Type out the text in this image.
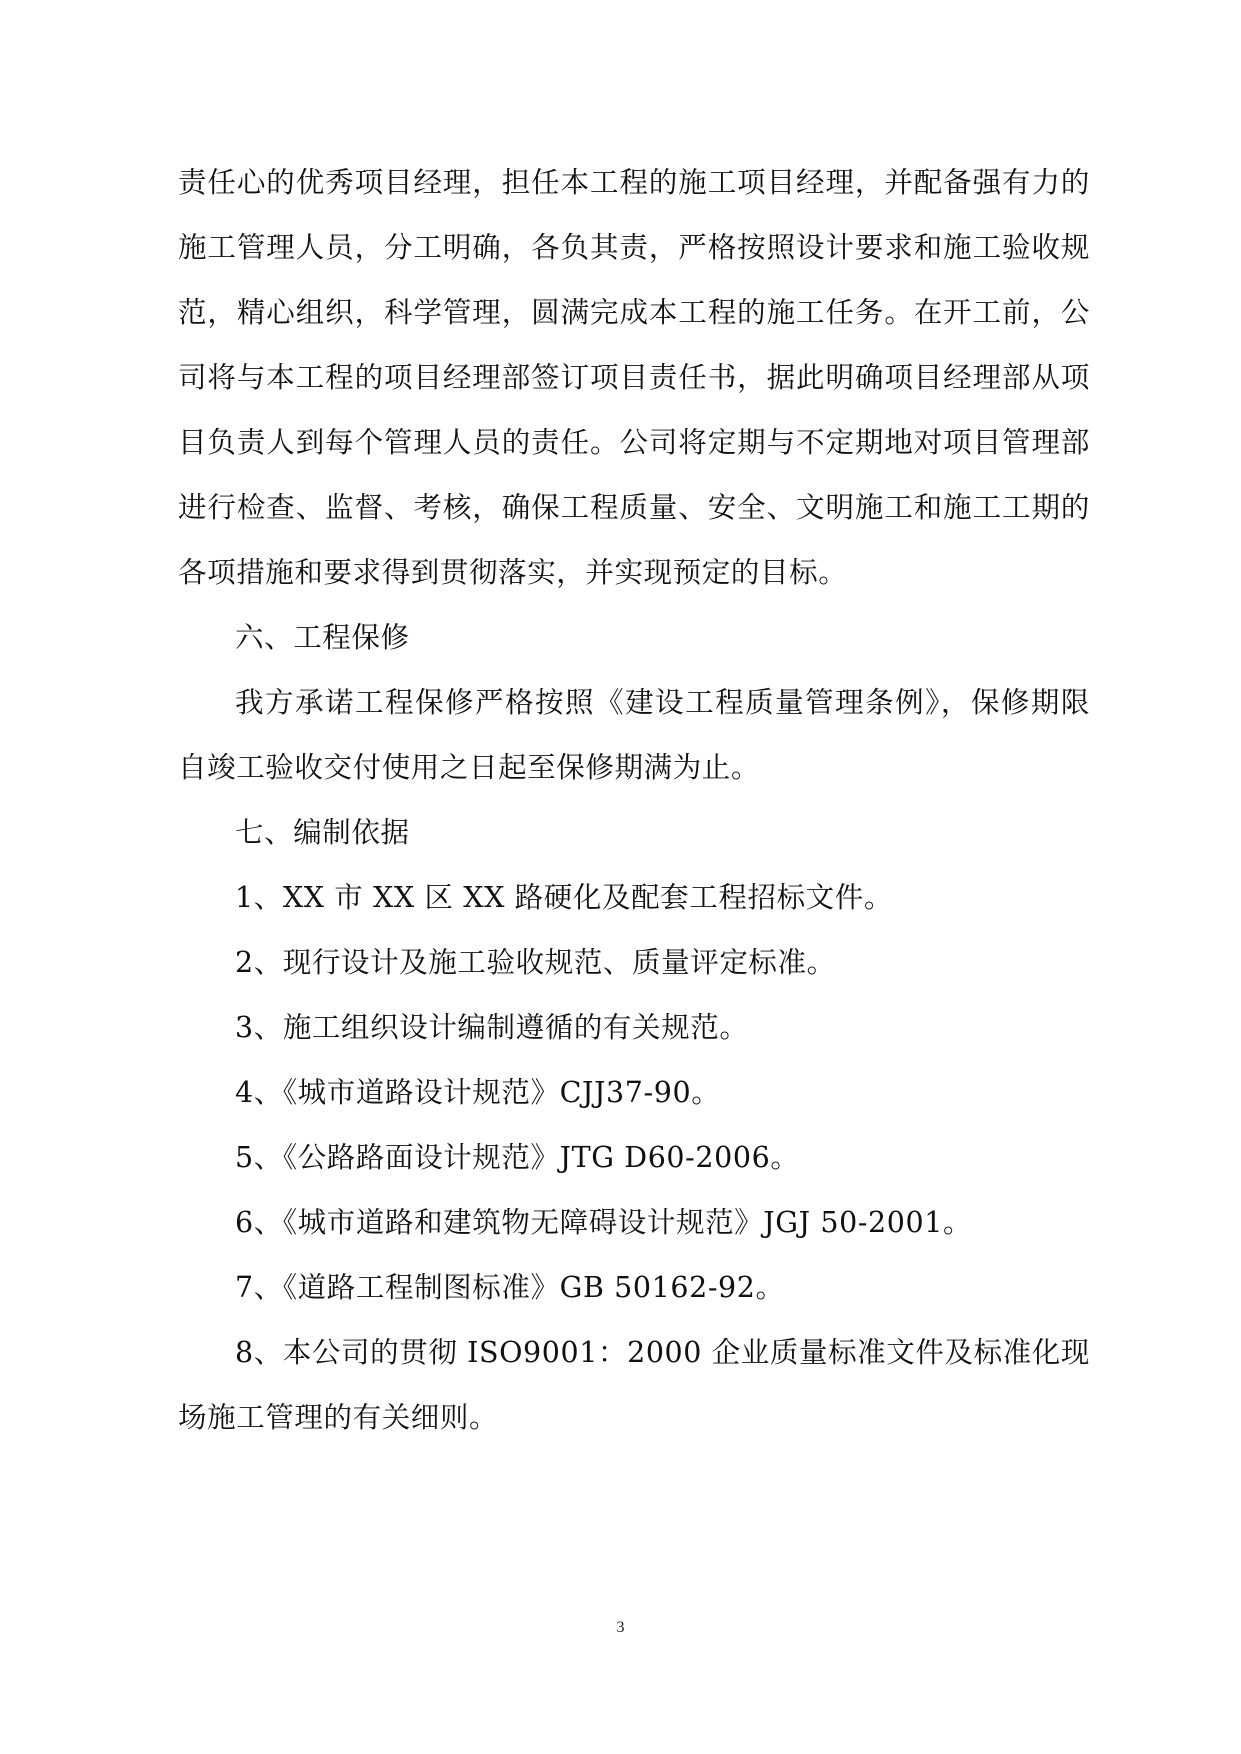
责任心的优秀项目经理，担任本工程的施工项目经理，并配备强有力的施工管理人员，分工明确，各负其责，严格按照设计要求和施工验收规范，精心组织，科学管理，圆满完成本工程的施工任务。在开工前，公司将与本工程的项目经理部签订项目责任书，据此明确项目经理部从项目负责人到每个管理人员的责任。公司将定期与不定期地对项目管理部进行检查、监督、考核，确保工程质量、安全、文明施工和施工工期的各项措施和要求得到贯彻落实，并实现预定的目标。

六、工程保修

我方承诺工程保修严格按照《建设工程质量管理条例》，保修期限自竣工验收交付使用之日起至保修期满为止。

七、编制依据

1、XX 市 XX 区 XX 路硬化及配套工程招标文件。

2、现行设计及施工验收规范、质量评定标准。

3、施工组织设计编制遵循的有关规范。

4、《城市道路设计规范》CJJ37-90。

5、《公路路面设计规范》JTG D60-2006。

6、《城市道路和建筑物无障碍设计规范》JGJ 50-2001。

7、《道路工程制图标准》GB 50162-92。

8、本公司的贯彻 ISO9001：2000 企业质量标准文件及标准化现场施工管理的有关细则。

3
